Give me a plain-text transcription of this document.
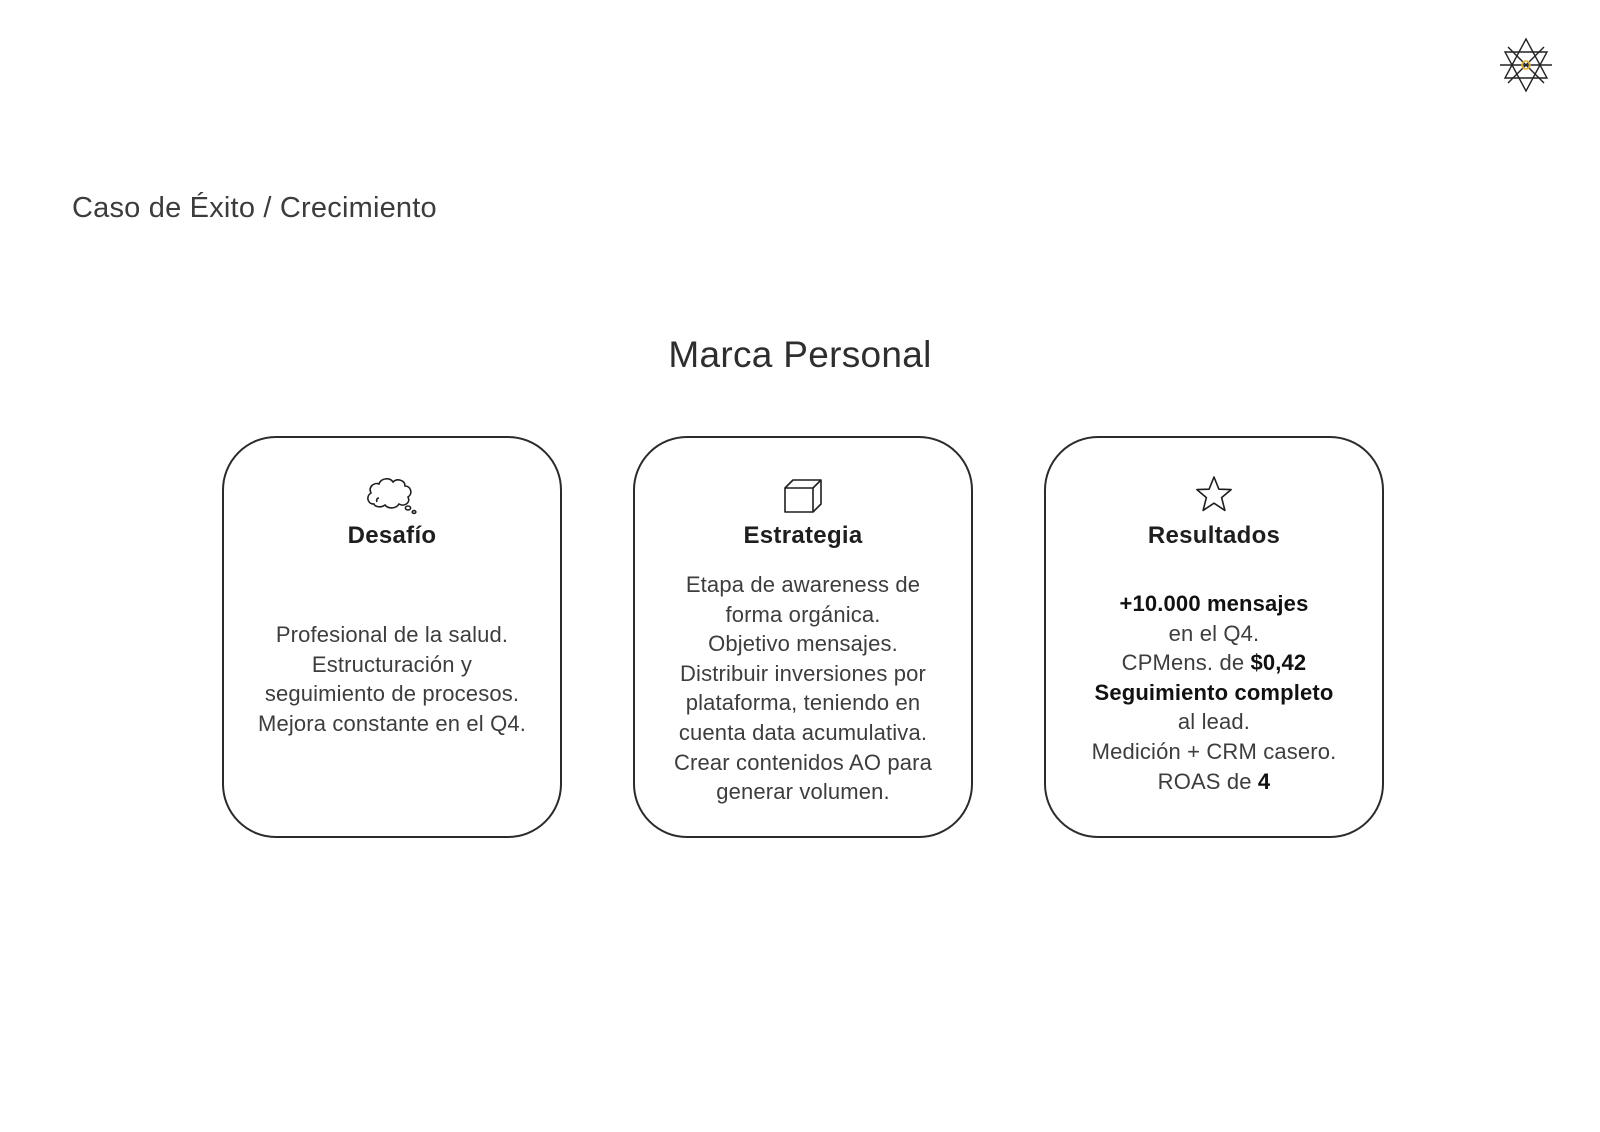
Caso de Éxito / Crecimiento
Marca Personal
Desafío
Profesional de la salud.
Estructuración y
seguimiento de procesos.
Mejora constante en el Q4.
Estrategia
Etapa de awareness de
forma orgánica.
Objetivo mensajes.
Distribuir inversiones por
plataforma, teniendo en
cuenta data acumulativa.
Crear contenidos AO para
generar volumen.
Resultados
+10.000 mensajes
en el Q4.
CPMens. de $0,42
Seguimiento completo
al lead.
Medición + CRM casero.
ROAS de 4
